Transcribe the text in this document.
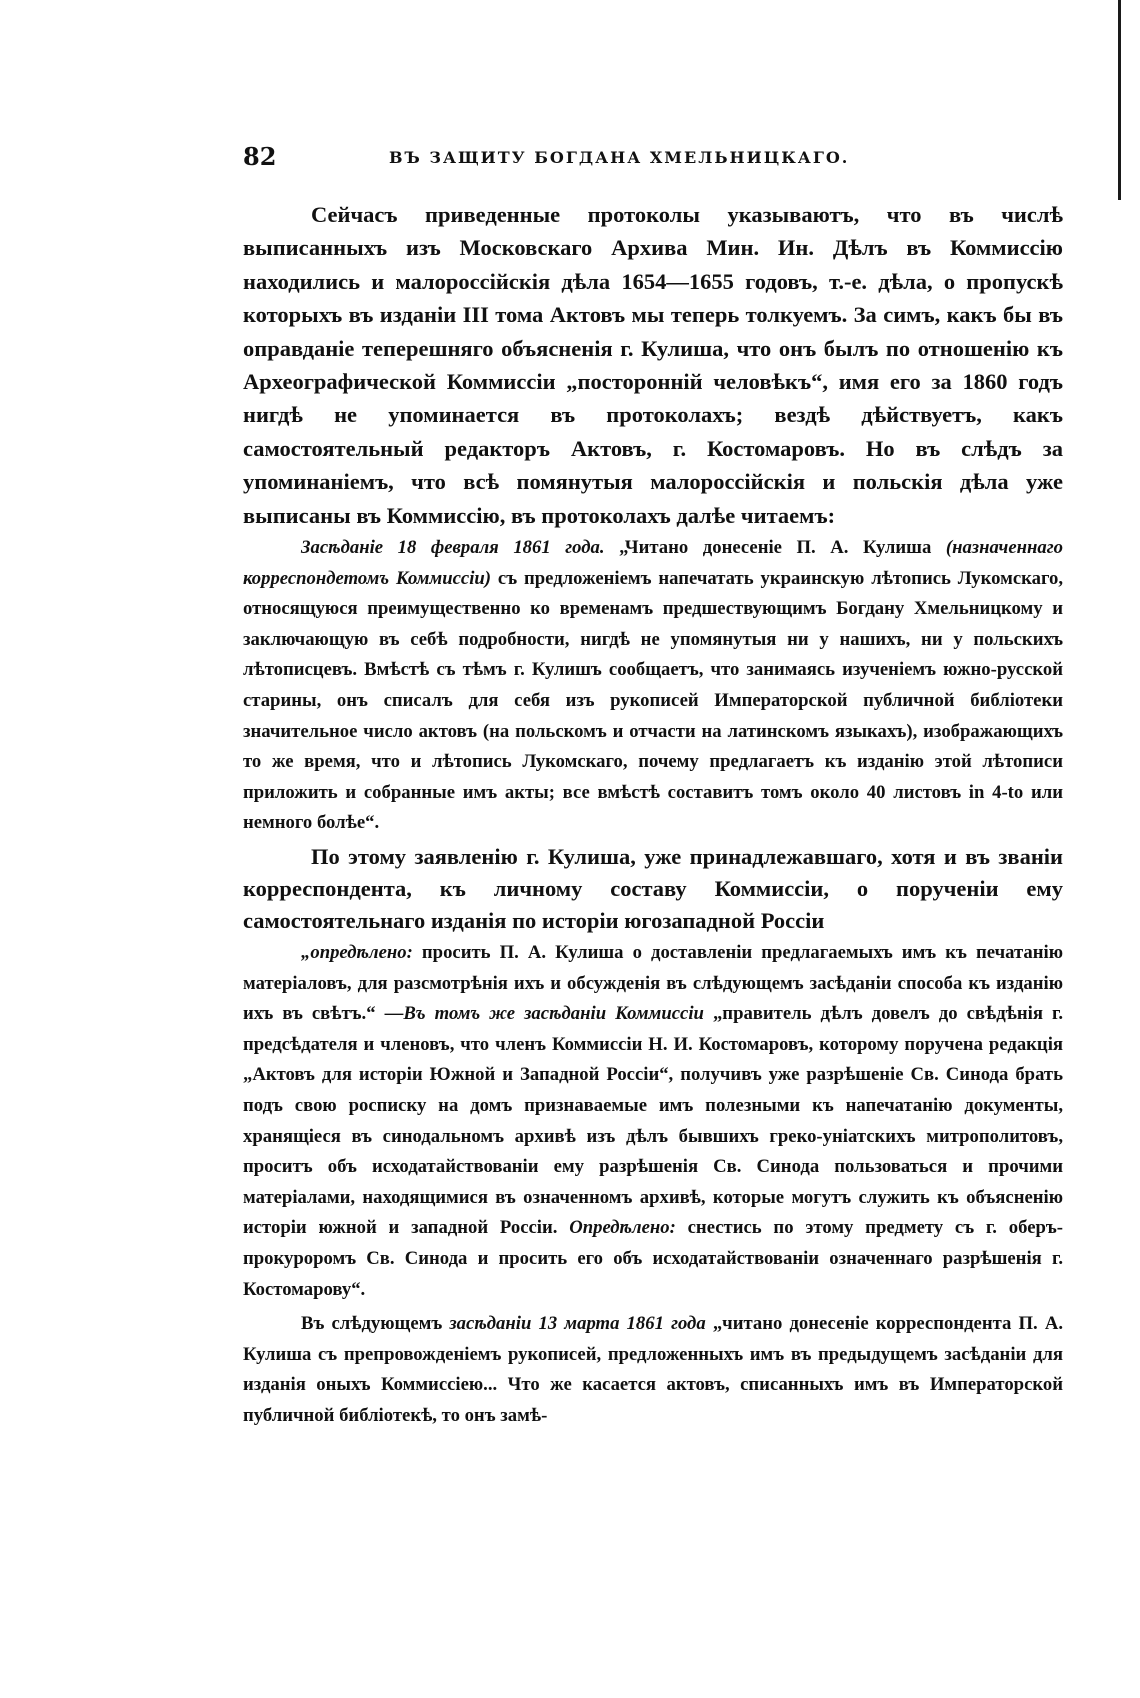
82	ВЪ ЗАЩИТУ БОГДАНА ХМЕЛЬНИЦКАГО.

Сейчасъ приведенные протоколы указываютъ, что въ числѣ выписанныхъ изъ Московскаго Архива Мин. Ин. Дѣлъ въ Коммиссію находились и малороссійскія дѣла 1654—1655 годовъ, т.-е. дѣла, о пропускѣ которыхъ въ изданіи III тома Актовъ мы теперь толкуемъ. За симъ, какъ бы въ оправданіе теперешняго объясненія г. Кулиша, что онъ былъ по отношенію къ Археографической Коммиссіи „посторонній человѣкъ“, имя его за 1860 годъ нигдѣ не упоминается въ протоколахъ; вездѣ дѣйствуетъ, какъ самостоятельный редакторъ Актовъ, г. Костомаровъ. Но въ слѣдъ за упоминаніемъ, что всѣ помянутыя малороссійскія и польскія дѣла уже выписаны въ Коммиссію, въ протоколахъ далѣе читаемъ:

Засѣданіе 18 февраля 1861 года. „Читано донесеніе П. А. Кулиша (назначеннаго корреспондетомъ Коммиссіи) съ предложеніемъ напечатать украинскую лѣтопись Лукомскаго, относящуюся преимущественно ко временамъ предшествующимъ Богдану Хмельницкому и заключающую въ себѣ подробности, нигдѣ не упомянутыя ни у нашихъ, ни у польскихъ лѣтописцевъ. Вмѣстѣ съ тѣмъ г. Кулишъ сообщаетъ, что занимаясь изученіемъ южно-русской старины, онъ списалъ для себя изъ рукописей Императорской публичной библіотеки значительное число актовъ (на польскомъ и отчасти на латинскомъ языкахъ), изображающихъ то же время, что и лѣтопись Лукомскаго, почему предлагаетъ къ изданію этой лѣтописи приложить и собранные имъ акты; все вмѣстѣ составитъ томъ около 40 листовъ in 4-to или немного болѣе“.

По этому заявленію г. Кулиша, уже принадлежавшаго, хотя и въ званіи корреспондента, къ личному составу Коммиссіи, о порученіи ему самостоятельнаго изданія по исторіи югозападной Россіи

„опредѣлено: просить П. А. Кулиша о доставленіи предлагаемыхъ имъ къ печатанію матеріаловъ, для разсмотрѣнія ихъ и обсужденія въ слѣдующемъ засѣданіи способа къ изданію ихъ въ свѣтъ.“ —Въ томъ же засѣданіи Коммиссіи „правитель дѣлъ довелъ до свѣдѣнія г. предсѣдателя и членовъ, что членъ Коммиссіи Н. И. Костомаровъ, которому поручена редакція „Актовъ для исторіи Южной и Западной Россіи“, получивъ уже разрѣшеніе Св. Синода брать подъ свою росписку на домъ признаваемые имъ полезными къ напечатанію документы, хранящіеся въ синодальномъ архивѣ изъ дѣлъ бывшихъ греко-уніатскихъ митрополитовъ, проситъ объ исходатайствованіи ему разрѣшенія Св. Синода пользоваться и прочими матеріалами, находящимися въ означенномъ архивѣ, которые могутъ служить къ объясненію исторіи южной и западной Россіи. Опредѣлено: снестись по этому предмету съ г. оберъ-прокуроромъ Св. Синода и просить его объ исходатайствованіи означеннаго разрѣшенія г. Костомарову“.

Въ слѣдующемъ засѣданіи 13 марта 1861 года „читано донесеніе корреспондента П. А. Кулиша съ препровожденіемъ рукописей, предложенныхъ имъ въ предыдущемъ засѣданіи для изданія оныхъ Коммиссіею... Что же касается актовъ, списанныхъ имъ въ Императорской публичной библіотекѣ, то онъ замѣ-
